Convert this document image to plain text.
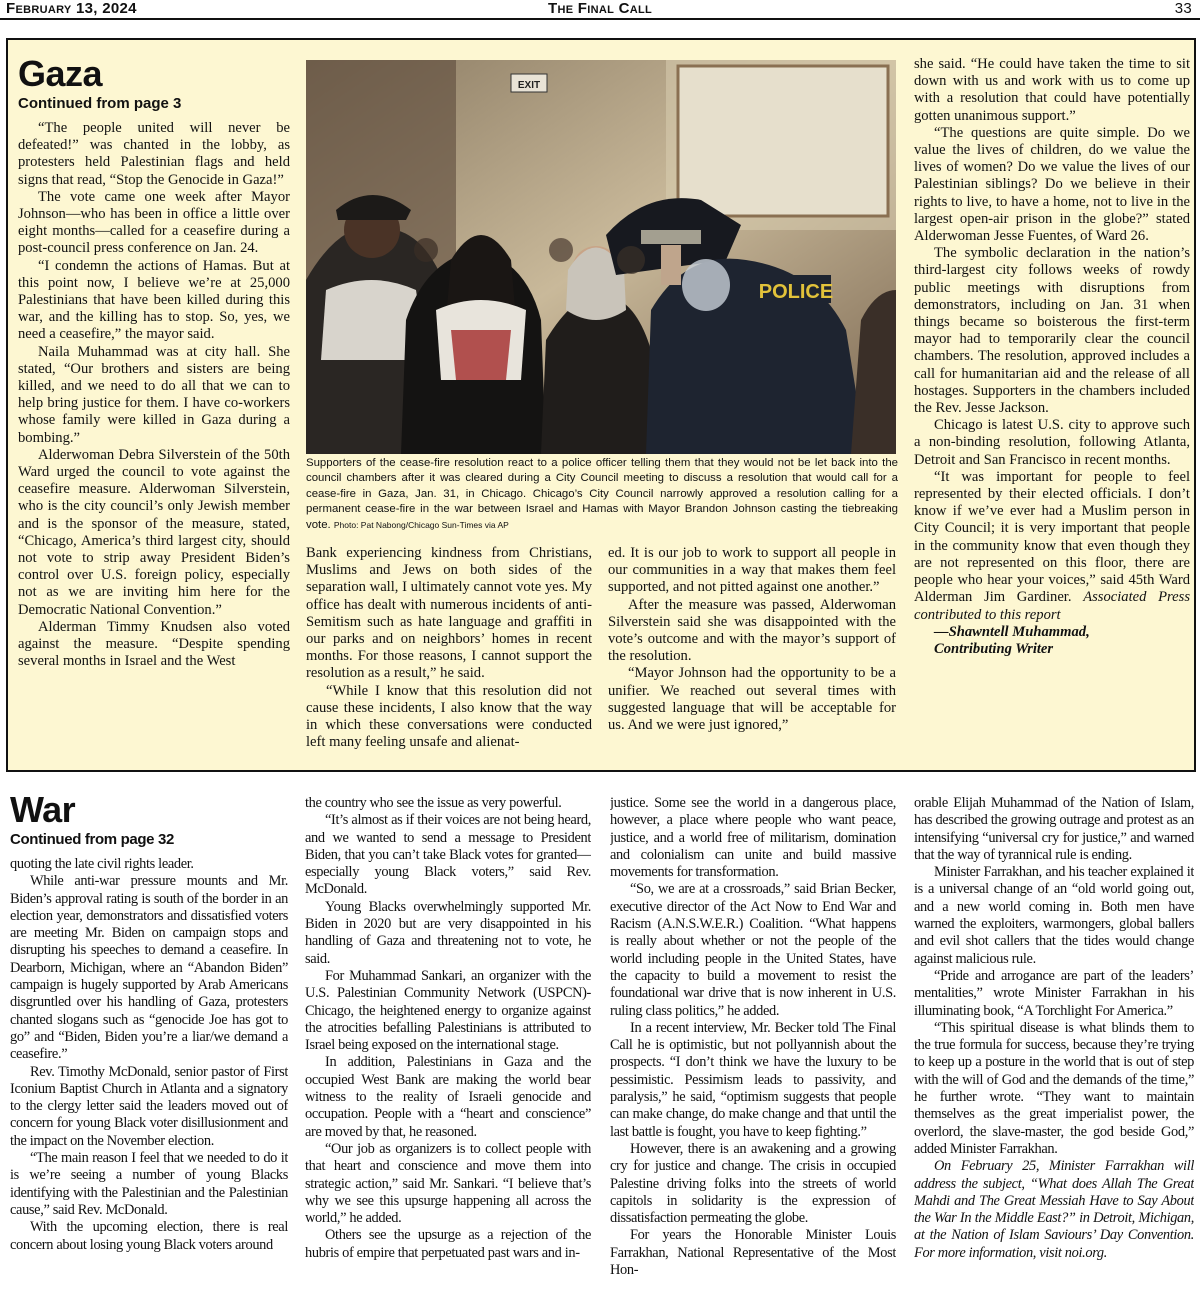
February 13, 2024	The Final Call	33
Gaza
Continued from page 3

“The people united will never be defeated!” was chanted in the lobby, as protesters held Palestinian flags and held signs that read, “Stop the Genocide in Gaza!”

The vote came one week after Mayor Johnson—who has been in office a little over eight months—called for a ceasefire during a post-council press conference on Jan. 24.

“I condemn the actions of Hamas. But at this point now, I believe we’re at 25,000 Palestinians that have been killed during this war, and the killing has to stop. So, yes, we need a ceasefire,” the mayor said.

Naila Muhammad was at city hall. She stated, “Our brothers and sisters are being killed, and we need to do all that we can to help bring justice for them. I have co-workers whose family were killed in Gaza during a bombing.”

Alderwoman Debra Silverstein of the 50th Ward urged the council to vote against the ceasefire measure. Alderwoman Silverstein, who is the city council’s only Jewish member and is the sponsor of the measure, stated, “Chicago, America’s third largest city, should not vote to strip away President Biden’s control over U.S. foreign policy, especially not as we are inviting him here for the Democratic National Convention.”

Alderman Timmy Knudsen also voted against the measure. “Despite spending several months in Israel and the West

EXIT
POLICE
Supporters of the cease-fire resolution react to a police officer telling them that they would not be let back into the council chambers after it was cleared during a City Council meeting to discuss a resolution that would call for a cease-fire in Gaza, Jan. 31, in Chicago. Chicago’s City Council narrowly approved a resolution calling for a permanent cease-fire in the war between Israel and Hamas with Mayor Brandon Johnson casting the tiebreaking vote. Photo: Pat Nabong/Chicago Sun-Times via AP

Bank experiencing kindness from Christians, Muslims and Jews on both sides of the separation wall, I ultimately cannot vote yes. My office has dealt with numerous incidents of anti-Semitism such as hate language and graffiti in our parks and on neighbors’ homes in recent months. For those reasons, I cannot support the resolution as a result,” he said.

“While I know that this resolution did not cause these incidents, I also know that the way in which these conversations were conducted left many feeling unsafe and alienat-

ed. It is our job to work to support all people in our communities in a way that makes them feel supported, and not pitted against one another.”

After the measure was passed, Alderwoman Silverstein said she was disappointed with the vote’s outcome and with the mayor’s support of the resolution.

“Mayor Johnson had the opportunity to be a unifier. We reached out several times with suggested language that will be acceptable for us. And we were just ignored,”

she said. “He could have taken the time to sit down with us and work with us to come up with a resolution that could have potentially gotten unanimous support.”

“The questions are quite simple. Do we value the lives of children, do we value the lives of women? Do we value the lives of our Palestinian siblings? Do we believe in their rights to live, to have a home, not to live in the largest open-air prison in the globe?” stated Alderwoman Jesse Fuentes, of Ward 26.

The symbolic declaration in the nation’s third-largest city follows weeks of rowdy public meetings with disruptions from demonstrators, including on Jan. 31 when things became so boisterous the first-term mayor had to temporarily clear the council chambers. The resolution, approved includes a call for humanitarian aid and the release of all hostages. Supporters in the chambers included the Rev. Jesse Jackson.

Chicago is latest U.S. city to approve such a non-binding resolution, following Atlanta, Detroit and San Francisco in recent months.

“It was important for people to feel represented by their elected officials. I don’t know if we’ve ever had a Muslim person in City Council; it is very important that people in the community know that even though they are not represented on this floor, there are people who hear your voices,” said 45th Ward Alderman Jim Gardiner. Associated Press contributed to this report

—Shawntell Muhammad,

Contributing Writer

War
Continued from page 32

quoting the late civil rights leader.

While anti-war pressure mounts and Mr. Biden’s approval rating is south of the border in an election year, demonstrators and dissatisfied voters are meeting Mr. Biden on campaign stops and disrupting his speeches to demand a ceasefire. In Dearborn, Michigan, where an “Abandon Biden” campaign is hugely supported by Arab Americans disgruntled over his handling of Gaza, protesters chanted slogans such as “genocide Joe has got to go” and “Biden, Biden you’re a liar/we demand a ceasefire.”

Rev. Timothy McDonald, senior pastor of First Iconium Baptist Church in Atlanta and a signatory to the clergy letter said the leaders moved out of concern for young Black voter disillusionment and the impact on the November election.

“The main reason I feel that we needed to do it is we’re seeing a number of young Blacks identifying with the Palestinian and the Palestinian cause,” said Rev. McDonald.

With the upcoming election, there is real concern about losing young Black voters around

the country who see the issue as very powerful.

“It’s almost as if their voices are not being heard, and we wanted to send a message to President Biden, that you can’t take Black votes for granted—especially young Black voters,” said Rev. McDonald.

Young Blacks overwhelmingly supported Mr. Biden in 2020 but are very disappointed in his handling of Gaza and threatening not to vote, he said.

For Muhammad Sankari, an organizer with the U.S. Palestinian Community Network (USPCN)-Chicago, the heightened energy to organize against the atrocities befalling Palestinians is attributed to Israel being exposed on the international stage.

In addition, Palestinians in Gaza and the occupied West Bank are making the world bear witness to the reality of Israeli genocide and occupation. People with a “heart and conscience” are moved by that, he reasoned.

“Our job as organizers is to collect people with that heart and conscience and move them into strategic action,” said Mr. Sankari. “I believe that’s why we see this upsurge happening all across the world,” he added.

Others see the upsurge as a rejection of the hubris of empire that perpetuated past wars and in-

justice. Some see the world in a dangerous place, however, a place where people who want peace, justice, and a world free of militarism, domination and colonialism can unite and build massive movements for transformation.

“So, we are at a crossroads,” said Brian Becker, executive director of the Act Now to End War and Racism (A.N.S.W.E.R.) Coalition. “What happens is really about whether or not the people of the world including people in the United States, have the capacity to build a movement to resist the foundational war drive that is now inherent in U.S. ruling class politics,” he added.

In a recent interview, Mr. Becker told The Final Call he is optimistic, but not pollyannish about the prospects. “I don’t think we have the luxury to be pessimistic. Pessimism leads to passivity, and paralysis,” he said, “optimism suggests that people can make change, do make change and that until the last battle is fought, you have to keep fighting.”

However, there is an awakening and a growing cry for justice and change. The crisis in occupied Palestine driving folks into the streets of world capitols in solidarity is the expression of dissatisfaction permeating the globe.

For years the Honorable Minister Louis Farrakhan, National Representative of the Most Hon-

orable Elijah Muhammad of the Nation of Islam, has described the growing outrage and protest as an intensifying “universal cry for justice,” and warned that the way of tyrannical rule is ending.

Minister Farrakhan, and his teacher explained it is a universal change of an “old world going out, and a new world coming in. Both men have warned the exploiters, warmongers, global ballers and evil shot callers that the tides would change against malicious rule.

“Pride and arrogance are part of the leaders’ mentalities,” wrote Minister Farrakhan in his illuminating book, “A Torchlight For America.”

“This spiritual disease is what blinds them to the true formula for success, because they’re trying to keep up a posture in the world that is out of step with the will of God and the demands of the time,” he further wrote. “They want to maintain themselves as the great imperialist power, the overlord, the slave-master, the god beside God,” added Minister Farrakhan.

On February 25, Minister Farrakhan will address the subject, “What does Allah The Great Mahdi and The Great Messiah Have to Say About the War In the Middle East?” in Detroit, Michigan, at the Nation of Islam Saviours’ Day Convention. For more information, visit noi.org.
